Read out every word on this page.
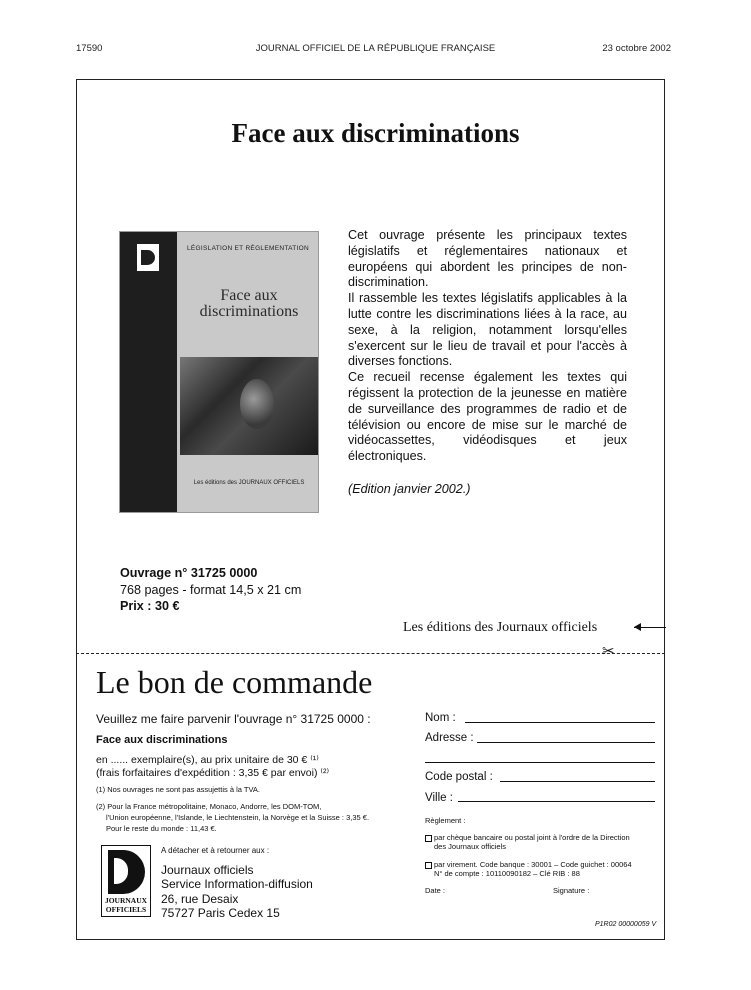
17590	JOURNAL OFFICIEL DE LA RÉPUBLIQUE FRANÇAISE	23 octobre 2002
Face aux discriminations
LÉGISLATION ET RÉGLEMENTATION
Face aux discriminations
Les éditions des JOURNAUX OFFICIELS

Cet ouvrage présente les principaux textes législatifs et réglementaires nationaux et européens qui abordent les principes de non-discrimination.

Il rassemble les textes législatifs applicables à la lutte contre les discriminations liées à la race, au sexe, à la religion, notamment lorsqu'elles s'exercent sur le lieu de travail et pour l'accès à diverses fonctions.

Ce recueil recense également les textes qui régissent la protection de la jeunesse en matière de surveillance des programmes de radio et de télévision ou encore de mise sur le marché de vidéocassettes, vidéodisques et jeux électroniques.

(Edition janvier 2002.)
Ouvrage n° 31725 0000
768 pages - format 14,5 x 21 cm
Prix : 30 €
Les éditions des Journaux officiels
✂
Le bon de commande
Veuillez me faire parvenir l'ouvrage n° 31725 0000 :
Face aux discriminations
en ...... exemplaire(s), au prix unitaire de 30 € ⁽¹⁾
(frais forfaitaires d'expédition : 3,35 € par envoi) ⁽²⁾
(1) Nos ouvrages ne sont pas assujettis à la TVA.
(2) Pour la France métropolitaine, Monaco, Andorre, les DOM-TOM,
l'Union européenne, l'Islande, le Liechtenstein, la Norvège et la Suisse : 3,35 €.
Pour le reste du monde : 11,43 €.
JOURNAUX
OFFICIELS
A détacher et à retourner aux :
Journaux officiels
Service Information-diffusion
26, rue Desaix
75727 Paris Cedex 15
Nom :
Adresse :
Code postal :
Ville :
Règlement :
par chèque bancaire ou postal joint à l'ordre de la Direction
des Journaux officiels
par virement. Code banque : 30001 – Code guichet : 00064
N° de compte : 10110090182 – Clé RIB : 88
Date :	Signature :
P1R02 00000059 V
